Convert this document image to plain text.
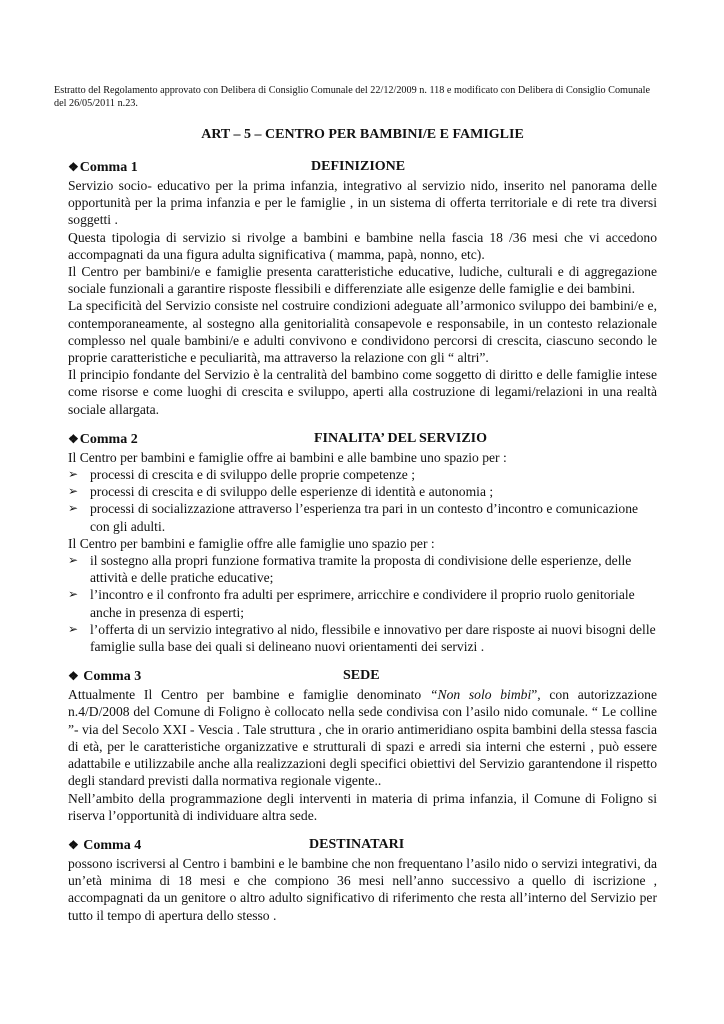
Estratto del Regolamento approvato con Delibera di Consiglio Comunale del 22/12/2009 n. 118 e modificato con Delibera di Consiglio Comunale del 26/05/2011 n.23.
ART – 5 – CENTRO PER BAMBINI/E E FAMIGLIE
❖Comma 1	DEFINIZIONE

Servizio socio- educativo per la prima infanzia, integrativo al servizio nido, inserito nel panorama delle opportunità per la prima infanzia e per le famiglie , in un sistema di offerta territoriale e di rete tra diversi soggetti .

Questa tipologia di servizio si rivolge a bambini e bambine nella fascia 18 /36 mesi che vi accedono accompagnati da una figura adulta significativa ( mamma, papà, nonno, etc).

Il Centro per bambini/e e famiglie presenta caratteristiche educative, ludiche, culturali e di aggregazione sociale funzionali a garantire risposte flessibili e differenziate alle esigenze delle famiglie e dei bambini.

La specificità del Servizio consiste nel costruire condizioni adeguate all’armonico sviluppo dei bambini/e e, contemporaneamente, al sostegno alla genitorialità consapevole e responsabile, in un contesto relazionale complesso nel quale bambini/e e adulti convivono e condividono percorsi di crescita, ciascuno secondo le proprie caratteristiche e peculiarità, ma attraverso la relazione con gli “ altri”.

Il principio fondante del Servizio è la centralità del bambino come soggetto di diritto e delle famiglie intese come risorse e come luoghi di crescita e sviluppo, aperti alla costruzione di legami/relazioni in una realtà sociale allargata.

❖Comma 2	FINALITA’ DEL SERVIZIO

Il Centro per bambini e famiglie offre ai bambini e alle bambine uno spazio per :

➢ processi di crescita e di sviluppo delle proprie competenze ;
➢ processi di crescita e di sviluppo delle esperienze di identità e autonomia ;
➢ processi di socializzazione attraverso l’esperienza tra pari in un contesto d’incontro e comunicazione con gli adulti.

Il Centro per bambini e famiglie offre alle famiglie uno spazio per :

➢ il sostegno alla propri funzione formativa tramite la proposta di condivisione delle esperienze, delle attività e delle pratiche educative;
➢ l’incontro e il confronto fra adulti per esprimere, arricchire e condividere il proprio ruolo genitoriale anche in presenza di esperti;
➢ l’offerta di un servizio integrativo al nido, flessibile e innovativo per dare risposte ai nuovi bisogni delle famiglie sulla base dei quali si delineano nuovi orientamenti dei servizi .
❖ Comma 3	SEDE

Attualmente Il Centro per bambine e famiglie denominato “Non solo bimbi”, con autorizzazione n.4/D/2008 del Comune di Foligno è collocato nella sede condivisa con l’asilo nido comunale. “ Le colline ”- via del Secolo XXI - Vescia . Tale struttura , che in orario antimeridiano ospita bambini della stessa fascia di età, per le caratteristiche organizzative e strutturali di spazi e arredi sia interni che esterni , può essere adattabile e utilizzabile anche alla realizzazioni degli specifici obiettivi del Servizio garantendone il rispetto degli standard previsti dalla normativa regionale vigente..

Nell’ambito della programmazione degli interventi in materia di prima infanzia, il Comune di Foligno si riserva l’opportunità di individuare altra sede.

❖ Comma 4	DESTINATARI

possono iscriversi al Centro i bambini e le bambine che non frequentano l’asilo nido o servizi integrativi, da un’età minima di 18 mesi e che compiono 36 mesi nell’anno successivo a quello di iscrizione , accompagnati da un genitore o altro adulto significativo di riferimento che resta all’interno del Servizio per tutto il tempo di apertura dello stesso .
